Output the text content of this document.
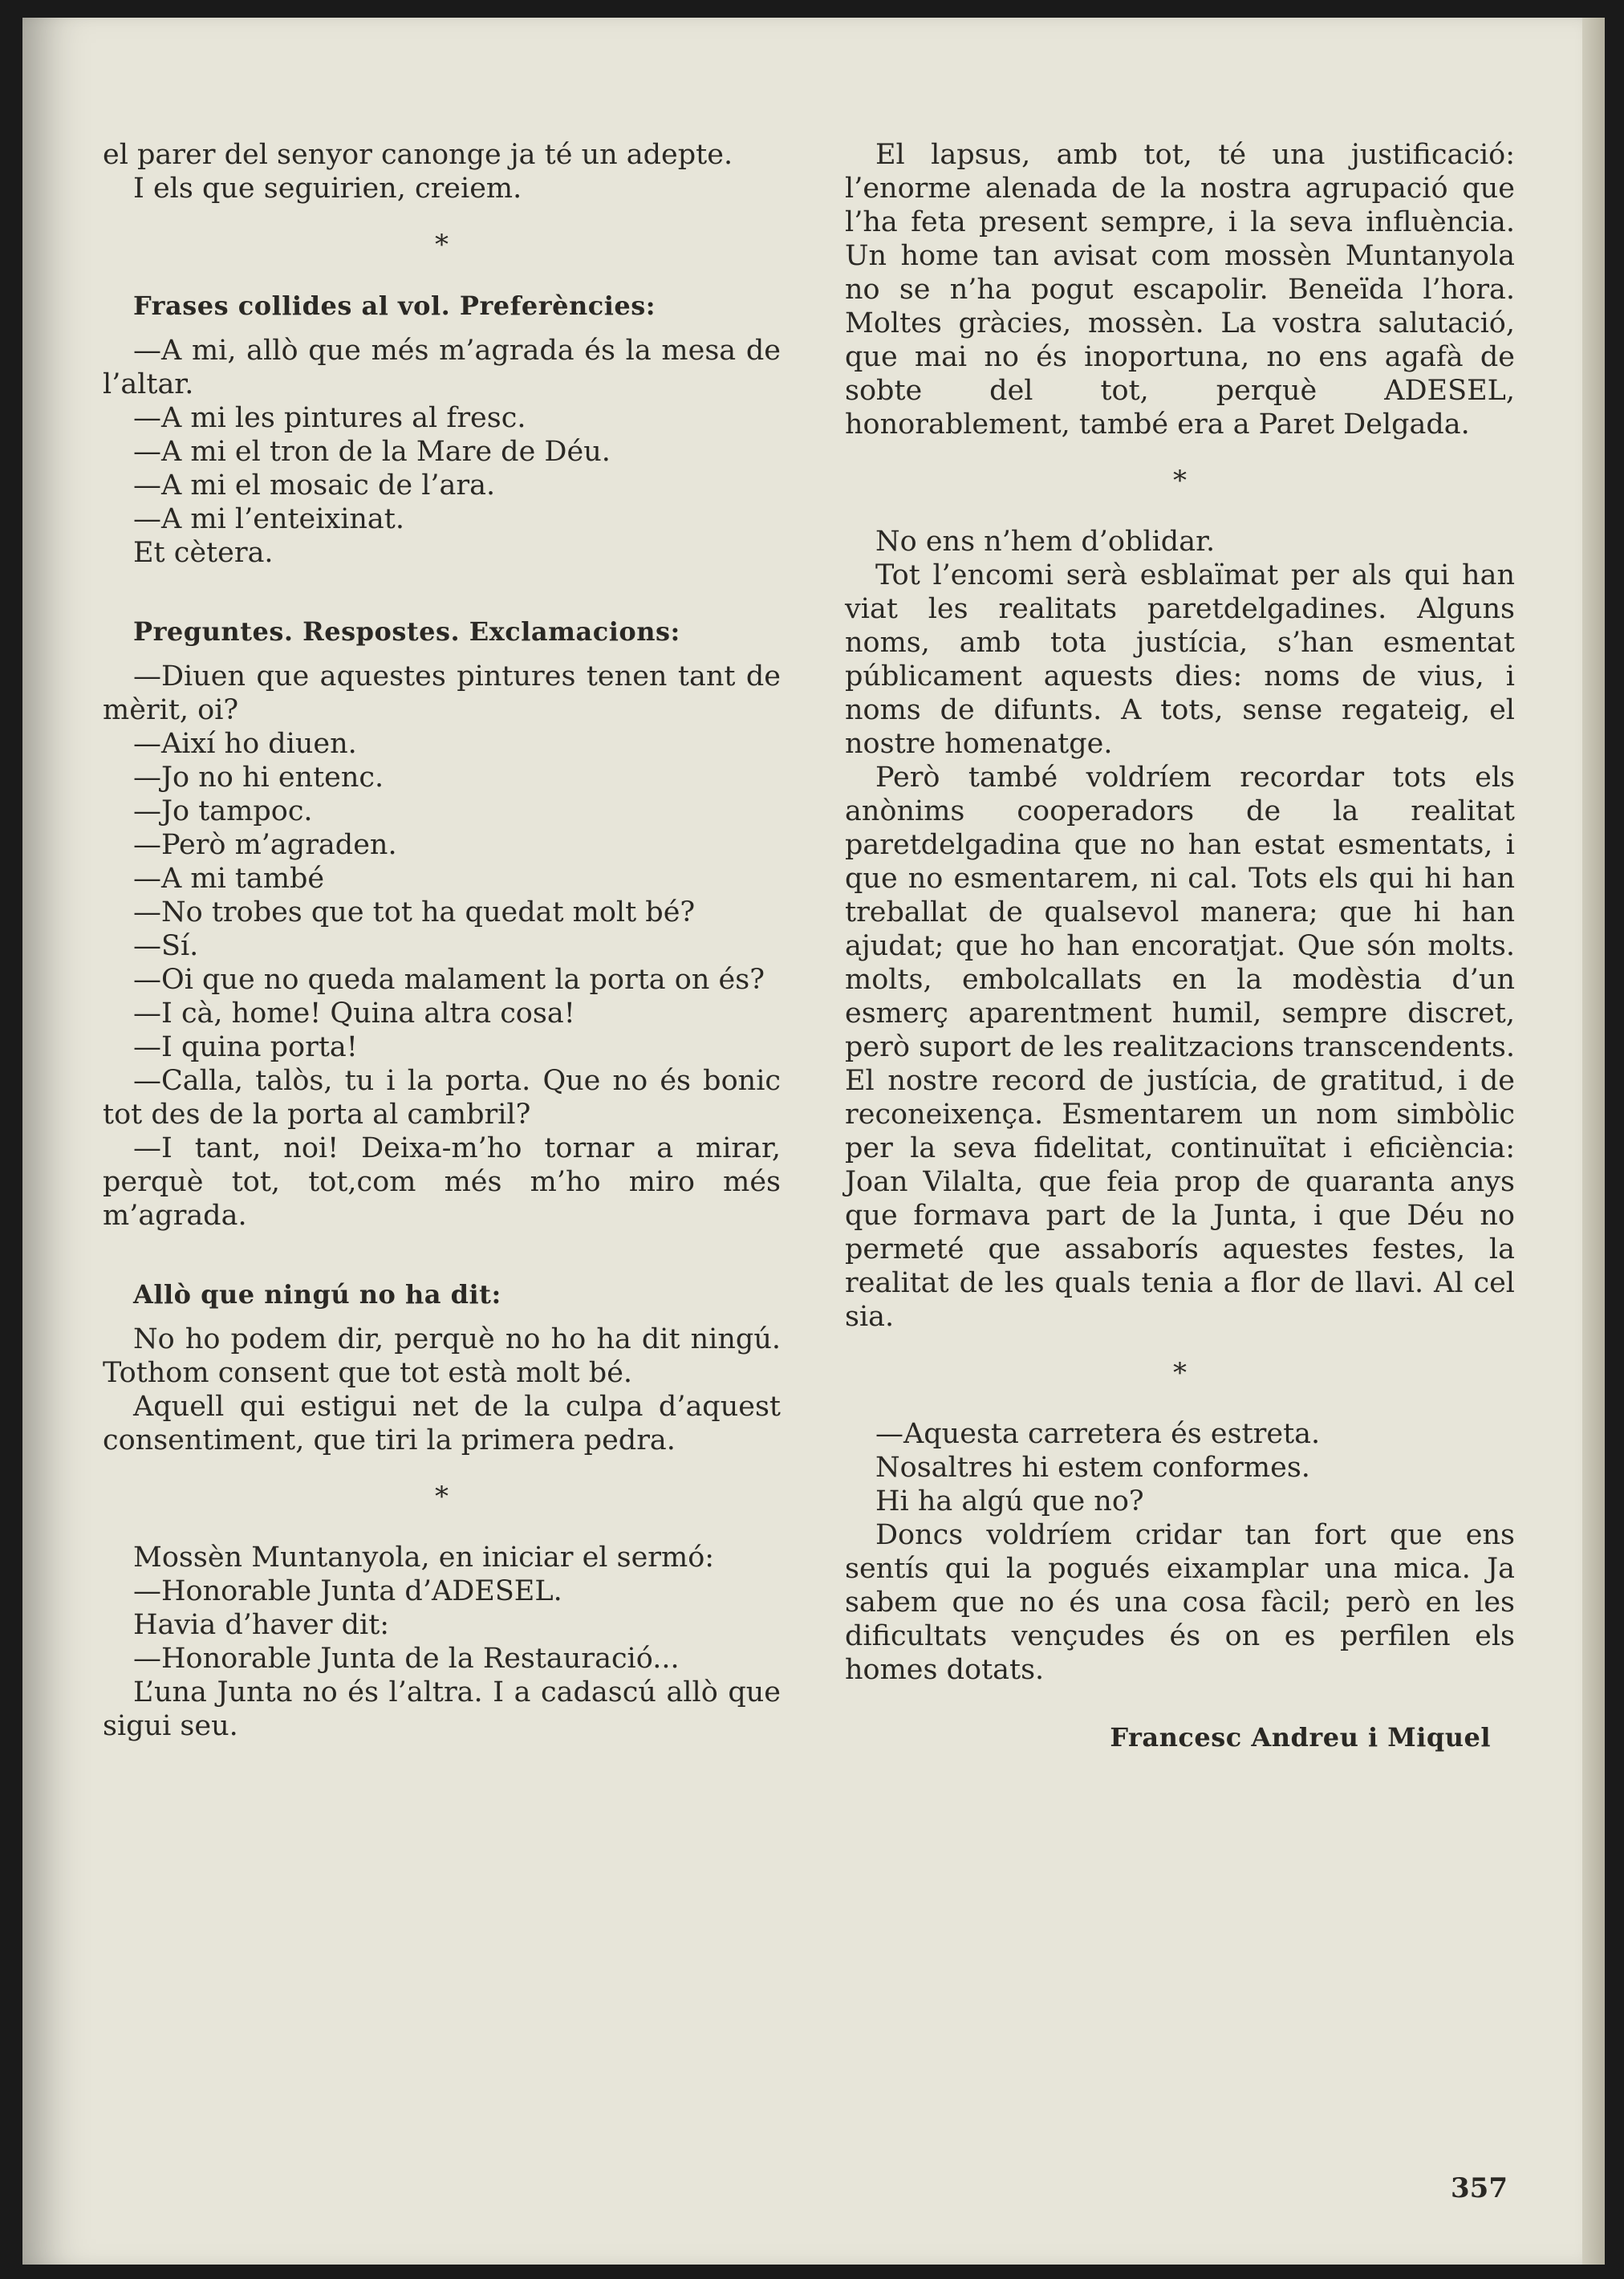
el parer del senyor canonge ja té un adepte.

I els que seguirien, creiem.

*
Frases collides al vol. Preferències:

—A mi, allò que més m’agrada és la mesa de l’altar.

—A mi les pintures al fresc.

—A mi el tron de la Mare de Déu.

—A mi el mosaic de l’ara.

—A mi l’enteixinat.

Et cètera.

Preguntes. Respostes. Exclamacions:

—Diuen que aquestes pintures tenen tant de mèrit, oi?

—Així ho diuen.

—Jo no hi entenc.

—Jo tampoc.

—Però m’agraden.

—A mi també

—No trobes que tot ha quedat molt bé?

—Sí.

—Oi que no queda malament la porta on és?

—I cà, home! Quina altra cosa!

—I quina porta!

—Calla, talòs, tu i la porta. Que no és bonic tot des de la porta al cambril?

—I tant, noi! Deixa-m’ho tornar a mirar, perquè tot, tot,com més m’ho miro més m’agrada.

Allò que ningú no ha dit:

No ho podem dir, perquè no ho ha dit ningú. Tothom consent que tot està molt bé.

Aquell qui estigui net de la culpa d’aquest consentiment, que tiri la primera pedra.

*

Mossèn Muntanyola, en iniciar el sermó:

—Honorable Junta d’ADESEL.

Havia d’haver dit:

—Honorable Junta de la Restauració...

L’una Junta no és l’altra. I a cadascú allò que sigui seu.

El lapsus, amb tot, té una justificació: l’enorme alenada de la nostra agrupació que l’ha feta present sempre, i la seva influència. Un home tan avisat com mossèn Muntanyola no se n’ha pogut escapolir. Beneïda l’hora. Moltes gràcies, mossèn. La vostra salutació, que mai no és inoportuna, no ens agafà de sobte del tot, perquè ADESEL, honorablement, també era a Paret Delgada.

*

No ens n’hem d’oblidar.

Tot l’encomi serà esblaïmat per als qui han viat les realitats paretdelgadines. Alguns noms, amb tota justícia, s’han esmentat públicament aquests dies: noms de vius, i noms de difunts. A tots, sense regateig, el nostre homenatge.

Però també voldríem recordar tots els anònims cooperadors de la realitat paretdelgadina que no han estat esmentats, i que no esmentarem, ni cal. Tots els qui hi han treballat de qualsevol manera; que hi han ajudat; que ho han encoratjat. Que són molts. molts, embolcallats en la modèstia d’un esmerç aparentment humil, sempre discret, però suport de les realitzacions transcendents. El nostre record de justícia, de gratitud, i de reconeixença. Esmentarem un nom simbòlic per la seva fidelitat, continuïtat i eficiència: Joan Vilalta, que feia prop de quaranta anys que formava part de la Junta, i que Déu no permeté que assaborís aquestes festes, la realitat de les quals tenia a flor de llavi. Al cel sia.

*

—Aquesta carretera és estreta.

Nosaltres hi estem conformes.

Hi ha algú que no?

Doncs voldríem cridar tan fort que ens sentís qui la pogués eixamplar una mica. Ja sabem que no és una cosa fàcil; però en les dificultats vençudes és on es perfilen els homes dotats.

Francesc Andreu i Miquel
357
